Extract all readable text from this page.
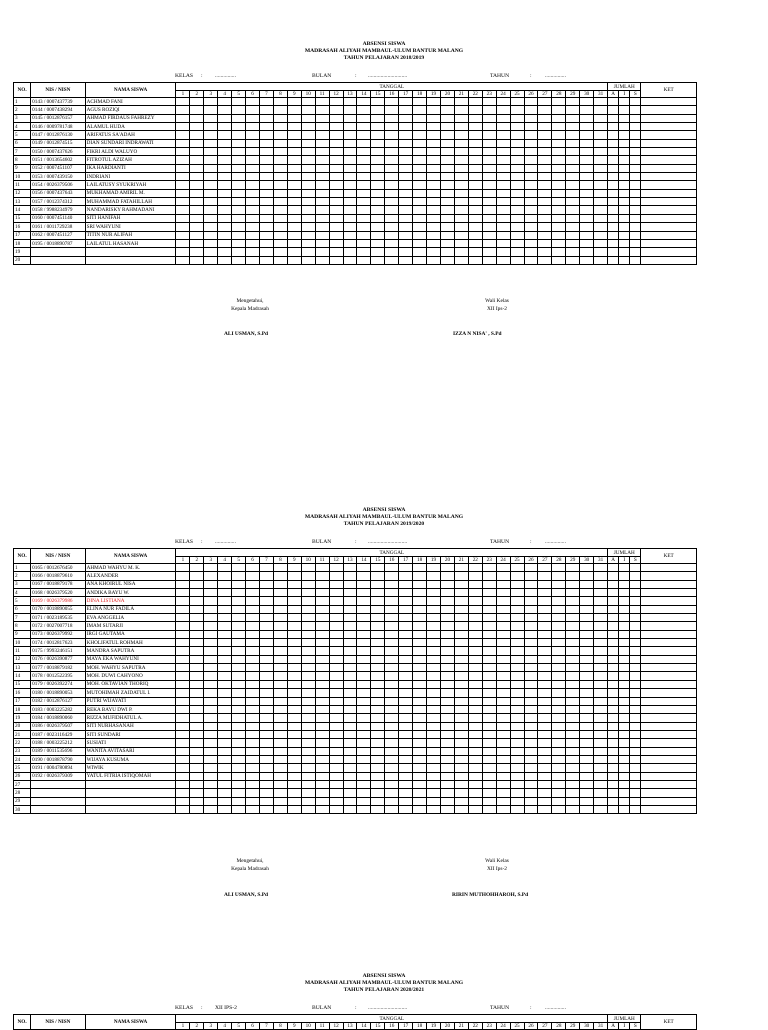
ABSENSI SISWA
MADRASAH ALIYAH MAMBAUL-ULUM BANTUR MALANG
TAHUN PELAJARAN 2018/2019
KELAS : ...............	BULAN	: ............................	TAHUN	: ...............
NO.	NIS / NISN	NAMA SISWA	TANGGAL																															JUMLAH			KET
			1	2	3	4	5	6	7	8	9	10	11	12	13	14	15	16	17	18	19	20	21	22	23	24	25	26	27	28	29	30	31	A	I	S	
1	0143 / 0007437739	ACHMAD FANI																																			
2	0144 / 0007438294	AGUS ROZIQI																																			
3	0145 / 0012876157	AHMAD FIRDAUS FAHREZY																																			
4	0146 / 0009781748	ALAMUL HUDA																																			
5	0147 / 0012876130	ARIFATUS SA'ADAH																																			
6	0149 / 0012874515	DIAN SUNDARI INDRAWATI																																			
7	0150 / 0007437626	FIKRI ALDI WALUYO																																			
8	0151 / 0013654602	FITROTUL AZIZAH																																			
9	0152 / 0007451107	IKA HARDIANTI																																			
10	0153 / 0007439150	INDRIANI																																			
11	0154 / 0026379506	LAILATUSY SYUKRIYAH																																			
12	0156 / 0007437643	MUKHAMAD AMIRIL M.																																			
13	0157 / 0012374312	MUHAMMAD FATAHILLAH																																			
14	0158 / 9988234979	NANDARISKY RAHMADANI																																			
15	0160 / 0007451140	SITI HANIFAH																																			
16	0161 / 0011729238	SRI WAHYUNI																																			
17	0162 / 0007451127	TITIN NUR ALIFAH																																			
18	0195 / 0018890787	LAILATUL HASANAH																																			
19																																					
20																																					
Mengetahui,
Kepala Madrasah
Wali Kelas
XII Ips-2
ALI USMAN, S.Pd	IZZA N NISA' , S.Pd
ABSENSI SISWA
MADRASAH ALIYAH MAMBAUL-ULUM BANTUR MALANG
TAHUN PELAJARAN 2019/2020
KELAS : ...............	BULAN	: ............................	TAHUN	: ...............
NO.	NIS / NISN	NAMA SISWA	TANGGAL																															JUMLAH			KET
			1	2	3	4	5	6	7	8	9	10	11	12	13	14	15	16	17	18	19	20	21	22	23	24	25	26	27	28	29	30	31	A	I	S	
1	0165 / 0012676450	AHMAD WAHYU M. K.																																			
2	0166 / 0018879610	ALEXANDER																																			
3	0167 / 0018879178	ANA KHOIRUL NISA																																			
4	0168 / 0026379520	ANDIKA BAYU W.																																			
5	0169 / 0026379986	DINA LISTIANA																																			
6	0170 / 0018890055	ELINA NUR FADILA																																			
7	0171 / 0023189535	EVA ANGGELIA																																			
8	0172 / 0027007718	IMAM SUTARJI																																			
9	0173 / 0026379992	IRGI GAUTAMA																																			
10	0174 / 0012817623	KHOLIFATUL ROHMAH																																			
11	0175 / 9993246151	MANDRA SAPUTRA																																			
12	0176 / 0026390877	MAYA EKA WAHYUNI																																			
13	0177 / 0018879182	MOH. WAHYU SAPUTRA																																			
14	0178 / 0012522395	MOH. DUWI CAHYONO																																			
15	0179 / 0026392274	MOH. OKTAVIAN THORIQ																																			
16	0180 / 0018890053	MUTOHIMAH ZAIDATUL I.																																			
17	0182 / 0012876127	PUTRI WIJAYATI																																			
18	0183 / 0003225282	REKA BAYU DWI P.																																			
19	0184 / 0018890060	RIZZA MUFIDHATUL A.																																			
20	0186 / 0026379507	SITI NURHASANAH																																			
21	0187 / 0023116429	SITI SUNDARI																																			
22	0188 / 0003225212	SUSIATI																																			
23	0189 / 0011535696	WANITA AVITASARI																																			
24	0190 / 0018878790	WIJAYA KUSUMA																																			
25	0191 / 0004780894	WIWIK																																			
26	0192 / 0026379309	YATUL FITRIA ISTIQOMAH																																			
27																																					
28																																					
29																																					
30																																					
Mengetahui,
Kepala Madrasah
Wali Kelas
XII Ips-2
ALI USMAN, S.Pd	RIRIN MUTHOHHAROH, S.Pd
ABSENSI SISWA
MADRASAH ALIYAH MAMBAUL-ULUM BANTUR MALANG
TAHUN PELAJARAN 2020/2021
KELAS : XII IPS-2	BULAN	: ............................	TAHUN	: ...............
NO.	NIS / NISN	NAMA SISWA	TANGGAL																															JUMLAH			KET
			1	2	3	4	5	6	7	8	9	10	11	12	13	14	15	16	17	18	19	20	21	22	23	24	25	26	27	28	29	30	31	A	I	S	
